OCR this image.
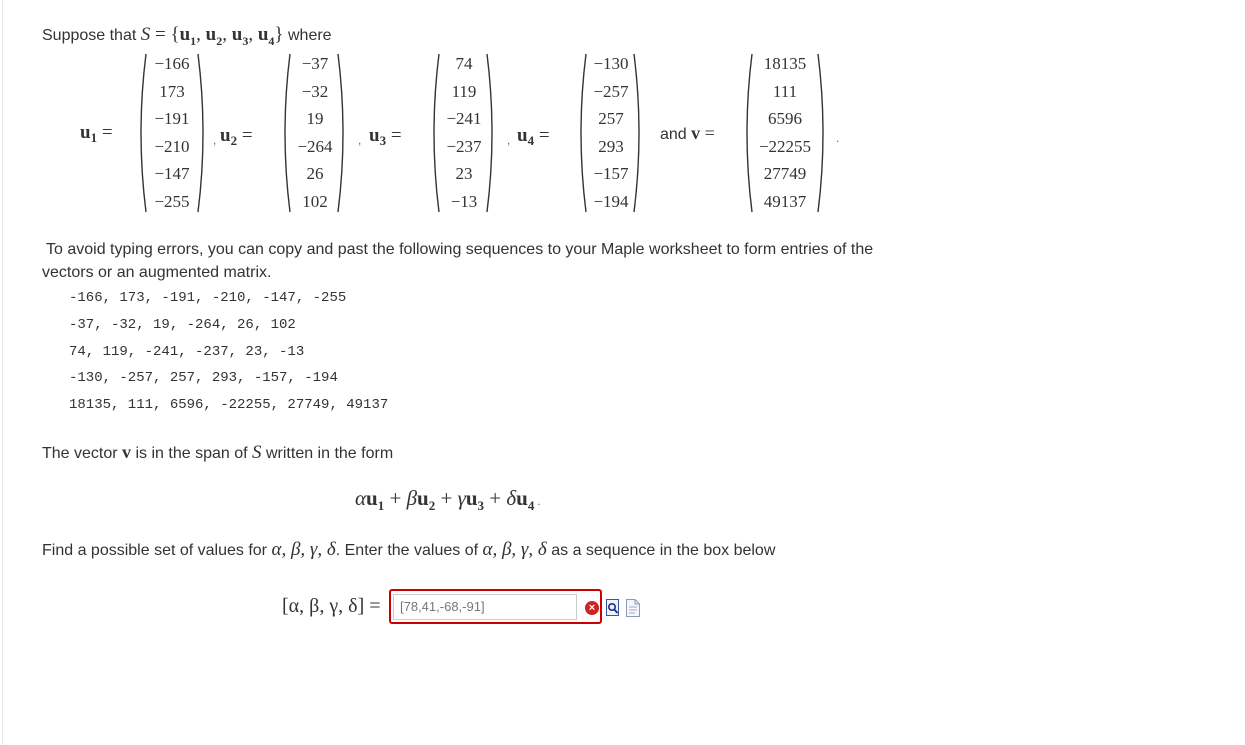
Suppose that $S = \{u_1$, $u_2$, $u_3$, $u_4$} where
$u_1$ =	$u_2$ =	$u_3$ =	$u_4$ =
−166
173
−191
−210
−147
−255
,
−37
−32
19
−264
26
102
,
74
119
−241
−237
23
−13
,
−130
−257
257
293
−157
−194
and v =
18135
111
6596
−22255
27749
49137
.
To avoid typing errors, you can copy and past the following sequences to your Maple worksheet to form entries of the vectors or an augmented matrix.
-166, 173, -191, -210, -147, -255
-37, -32, 19, -264, 26, 102
74, 119, -241, -237, 23, -13
-130, -257, 257, 293, -157, -194
18135, 111, 6596, -22255, 27749, 49137
The vector v is in the span of S written in the form
$\alpha u_1 + \beta u_2 + \gamma u_3 + \delta u_4$ .
Find a possible set of values for α, β, γ, δ. Enter the values of α, β, γ, δ as a sequence in the box below
[α, β, γ, δ] =	[78,41,-68,-91]	×
